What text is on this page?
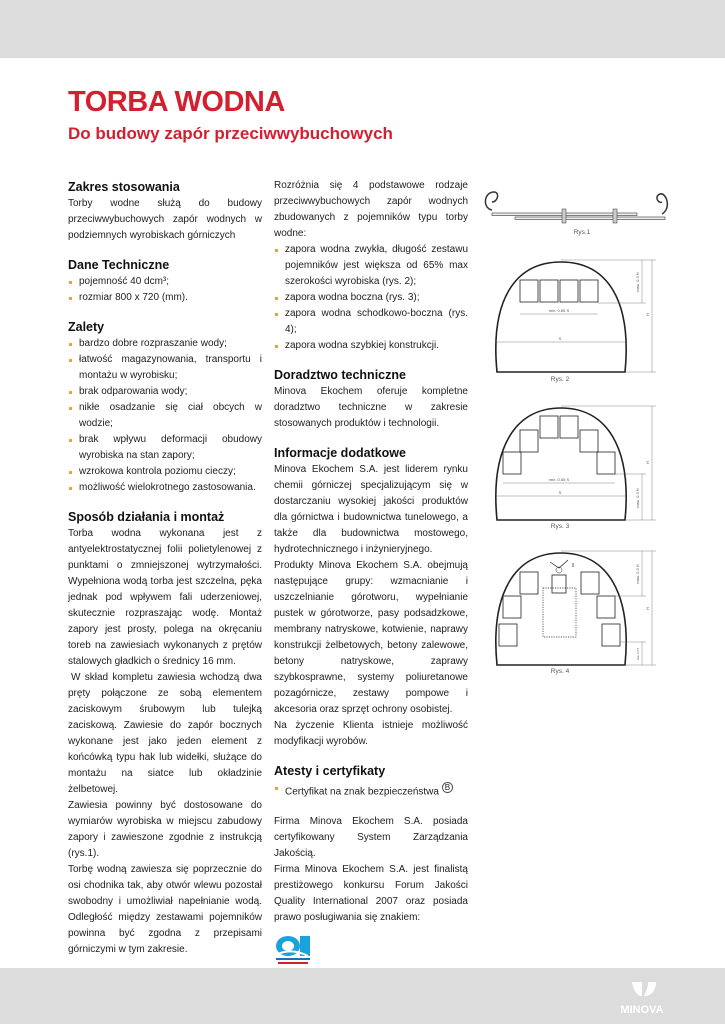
TORBA WODNA
Do budowy zapór przeciwwybuchowych
Zakres stosowania

Torby wodne służą do budowy przeciwwybuchowych zapór wodnych w podziemnych wyrobiskach górniczych

Dane Techniczne
pojemność 40 dcm³;
rozmiar 800 x 720 (mm).
Zalety
bardzo dobre rozpraszanie wody;
łatwość magazynowania, transportu i montażu w wyrobisku;
brak odparowania wody;
nikłe osadzanie się ciał obcych w wodzie;
brak wpływu deformacji obudowy wyrobiska na stan zapory;
wzrokowa kontrola poziomu cieczy;
możliwość wielokrotnego zastosowania.
Sposób działania i montaż

Torba wodna wykonana jest z antyelektrostatycznej folii polietylenowej z punktami o zmniejszonej wytrzymałości. Wypełniona wodą torba jest szczelna, pęka jednak pod wpływem fali uderzeniowej, skutecznie rozpraszając wodę. Montaż zapory jest prosty, polega na okręcaniu toreb na zawiesiach wykonanych z prętów stalowych gładkich o średnicy 16 mm.

W skład kompletu zawiesia wchodzą dwa pręty połączone ze sobą elementem zaciskowym śrubowym lub tulejką zaciskową. Zawiesie do zapór bocznych wykonane jest jako jeden element z końcówką typu hak lub widełki, służące do montażu na siatce lub okładzinie żelbetowej.

Zawiesia powinny być dostosowane do wymiarów wyrobiska w miejscu zabudowy zapory i zawieszone zgodnie z instrukcją (rys.1).

Torbę wodną zawiesza się poprzecznie do osi chodnika tak, aby otwór wlewu pozostał swobodny i umożliwiał napełnianie wodą. Odległość między zestawami pojemników powinna być zgodna z przepisami górniczymi w tym zakresie.

Rozróżnia się 4 podstawowe rodzaje przeciwwybuchowych zapór wodnych zbudowanych z pojemników typu torby wodne:

zapora wodna zwykła, długość zestawu pojemników jest większa od 65% max szerokości wyrobiska (rys. 2);
zapora wodna boczna (rys. 3);
zapora wodna schodkowo-boczna (rys. 4);
zapora wodna szybkiej konstrukcji.
Doradztwo techniczne

Minova Ekochem oferuje kompletne doradztwo techniczne w zakresie stosowanych produktów i technologii.

Informacje dodatkowe

Minova Ekochem S.A. jest liderem rynku chemii górniczej specjalizującym się w dostarczaniu wysokiej jakości produktów dla górnictwa i budownictwa tunelowego, a także dla budownictwa mostowego, hydrotechnicznego i inżynieryjnego.

Produkty Minova Ekochem S.A. obejmują następujące grupy: wzmacnianie i uszczelnianie górotworu, wypełnianie pustek w górotworze, pasy podsadzkowe, membrany natryskowe, kotwienie, naprawy konstrukcji żelbetowych, betony zalewowe, betony natryskowe, zaprawy szybkosprawne, systemy poliuretanowe pozagórnicze, zestawy pompowe i akcesoria oraz sprzęt ochrony osobistej.

Na życzenie Klienta istnieje możliwość modyfikacji wyrobów.

Atesty i certyfikaty
Certyfikat na znak bezpieczeństwa $^B$

Firma Minova Ekochem S.A. posiada certyfikowany System Zarządzania Jakością.

Firma Minova Ekochem S.A. jest finalistą prestiżowego konkursu Forum Jakości Quality International 2007 oraz posiada prawo posługiwania się znakiem:

Rys.1
min. 0.65 S
S
max. 0.3 H
H
Rys. 2
min. 0.65 S
S	max. 0.3 H
H
Rys. 3
max. 0.3 H
max. 0.3 H
H
Rys. 4
MINOVA
